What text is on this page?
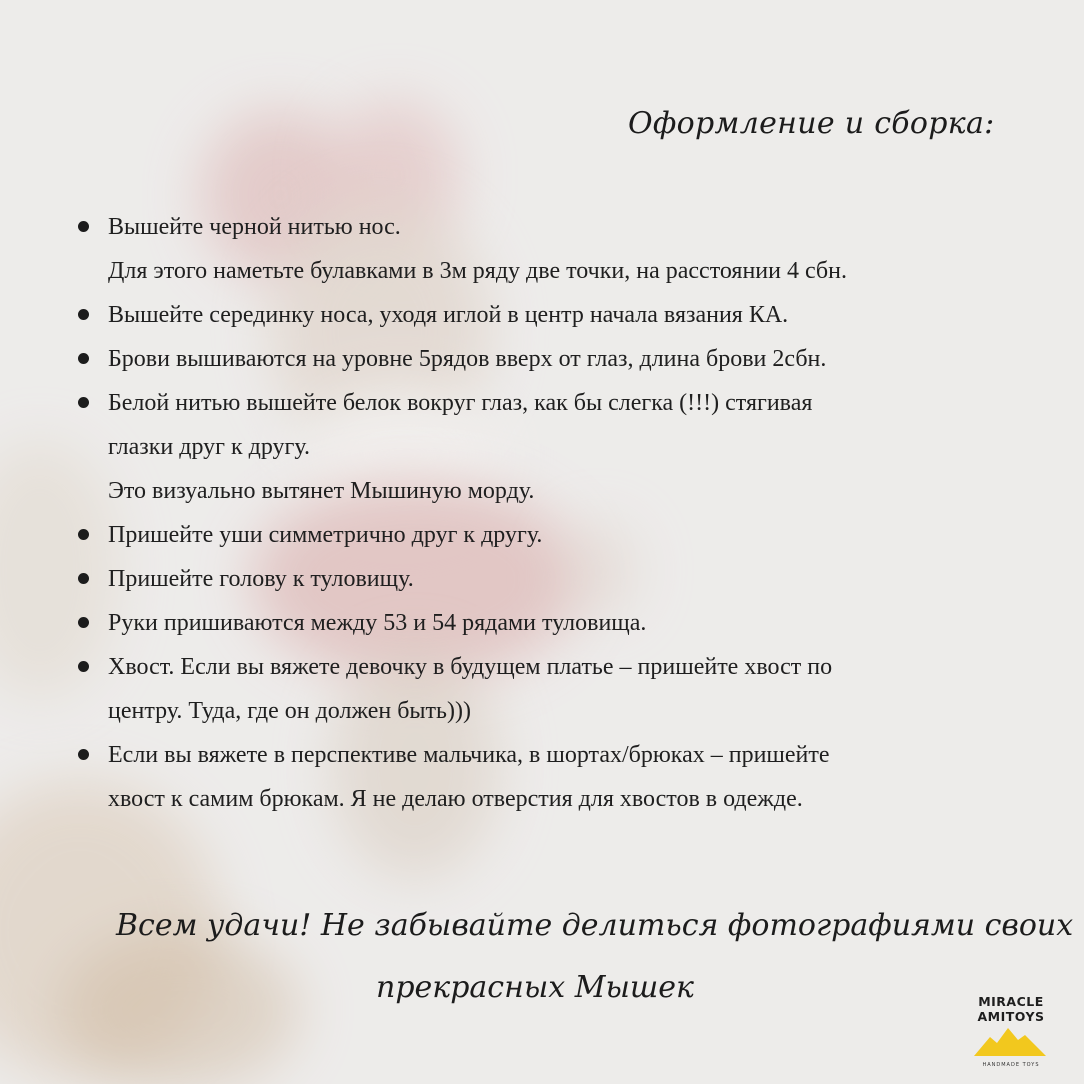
Оформление и сборка:
Вышейте черной нитью нос.
Для этого наметьте булавками в 3м ряду две точки, на расстоянии 4 сбн.
Вышейте серединку носа, уходя иглой в центр начала вязания КА.
Брови вышиваются на уровне 5рядов вверх от глаз, длина брови 2сбн.
Белой нитью вышейте белок вокруг глаз, как бы слегка (!!!) стягивая
глазки друг к другу.
Это визуально вытянет Мышиную морду.
Пришейте уши симметрично друг к другу.
Пришейте голову к туловищу.
Руки пришиваются между 53 и 54 рядами туловища.
Хвост. Если вы вяжете девочку в будущем платье – пришейте хвост по
центру. Туда, где он должен быть)))
Если вы вяжете в перспективе мальчика, в шортах/брюках – пришейте
хвост к самим брюкам. Я не делаю отверстия для хвостов в одежде.
Всем удачи! Не забывайте делиться фотографиями своих
прекрасных Мышек	MIRACLE
AMITOYS
HANDMADE TOYS
